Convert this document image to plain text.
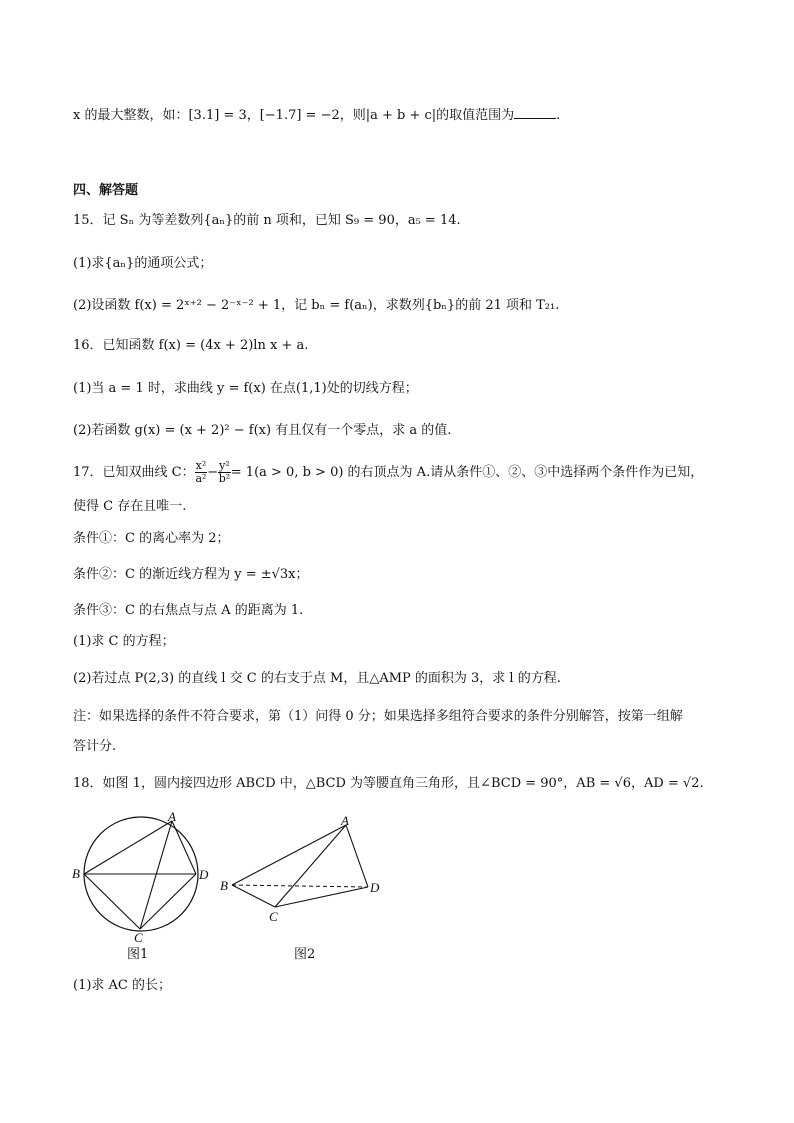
x 的最大整数，如：[3.1] = 3，[−1.7] = −2，则|a + b + c|的取值范围为	.
四、解答题
15．记 Sₙ 为等差数列{aₙ}的前 n 项和，已知 S₉ = 90，a₅ = 14.
(1)求{aₙ}的通项公式；
(2)设函数 f(x) = 2ˣ⁺² − 2⁻ˣ⁻² + 1，记 bₙ = f(aₙ)，求数列{bₙ}的前 21 项和 T₂₁.
16．已知函数 f(x) = (4x + 2)ln x + a.
(1)当 a = 1 时，求曲线 y = f(x) 在点(1,1)处的切线方程；
(2)若函数 g(x) = (x + 2)² − f(x) 有且仅有一个零点，求 a 的值.
17．已知双曲线 C： $\frac{\text{x²}}{\text{a²}} - \frac{\text{y²}}{\text{b²}} = 1(a > 0$, b > 0) 的右顶点为 A.请从条件①、②、③中选择两个条件作为已知，
使得 C 存在且唯一.
条件①：C 的离心率为 2；
条件②：C 的渐近线方程为 y = ±√3x；
条件③：C 的右焦点与点 A 的距离为 1.
(1)求 C 的方程；
(2)若过点 P(2,3) 的直线 l 交 C 的右支于点 M，且△AMP 的面积为 3，求 l 的方程.
注：如果选择的条件不符合要求，第（1）问得 0 分；如果选择多组符合要求的条件分别解答，按第一组解
答计分.
18．如图 1，圆内接四边形 ABCD 中，△BCD 为等腰直角三角形，且∠BCD = 90°，AB = √6，AD = √2.
A
B
C
D
图1
A
B
C
D
图2
(1)求 AC 的长；
